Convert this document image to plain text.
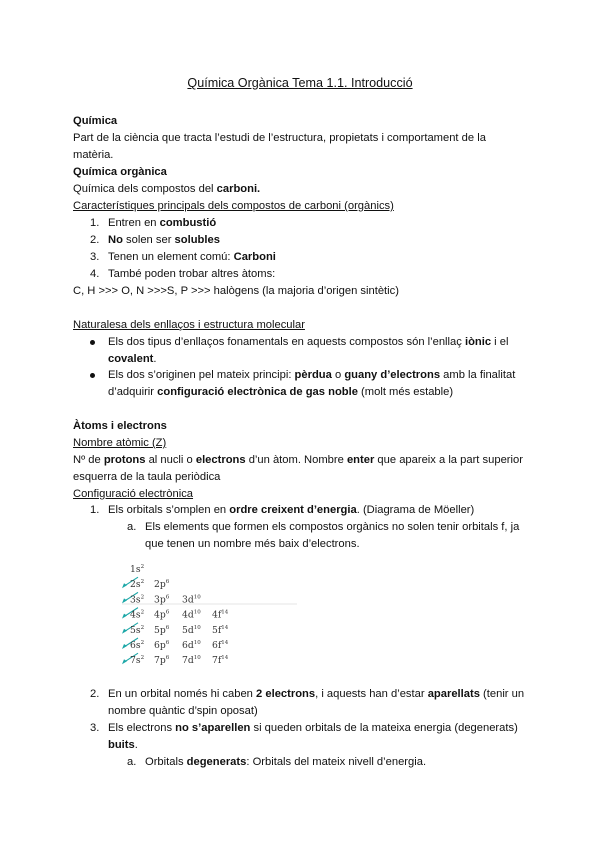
Química Orgànica Tema 1.1. Introducció
Química
Part de la ciència que tracta l’estudi de l’estructura, propietats i comportament de la
matèria.
Química orgànica
Química dels compostos del carboni.
Característiques principals dels compostos de carboni (orgànics)
1. Entren en combustió
2. No solen ser solubles
3. Tenen un element comú: Carboni
4. També poden trobar altres àtoms:
C, H >>> O, N >>>S, P >>> halògens (la majoria d’origen sintètic)
Naturalesa dels enllaços i estructura molecular
Els dos tipus d’enllaços fonamentals en aquests compostos són l’enllaç iònic i el
covalent.
Els dos s’originen pel mateix principi: pèrdua o guany d’electrons amb la finalitat
d’adquirir configuració electrònica de gas noble (molt més estable)
Àtoms i electrons
Nombre atòmic (Z)
Nº de protons al nucli o electrons d’un àtom. Nombre enter que apareix a la part superior
esquerra de la taula periòdica
Configuració electrònica
1. Els orbitals s’omplen en ordre creixent d’energia. (Diagrama de Möeller)
a. Els elements que formen els compostos orgànics no solen tenir orbitals f, ja
que tenen un nombre més baix d’electrons.
$1s^2$
$2s^2$ $2p^6$
$3s^2$ $3p^6$ $3d^{10}$
$4s^2$ $4p^6$ $4d^{10}$ $4f^{14}$
$5s^2$ $5p^6$ $5d^{10}$ $5f^{14}$
$6s^2$ $6p^6$ $6d^{10}$ $6f^{14}$
$7s^2$ $7p^6$ $7d^{10}$ $7f^{14}$
2. En un orbital només hi caben 2 electrons, i aquests han d’estar aparellats (tenir un
nombre quàntic d’spin oposat)
3. Els electrons no s’aparellen si queden orbitals de la mateixa energia (degenerats)
buits.
a. Orbitals degenerats: Orbitals del mateix nivell d’energia.
